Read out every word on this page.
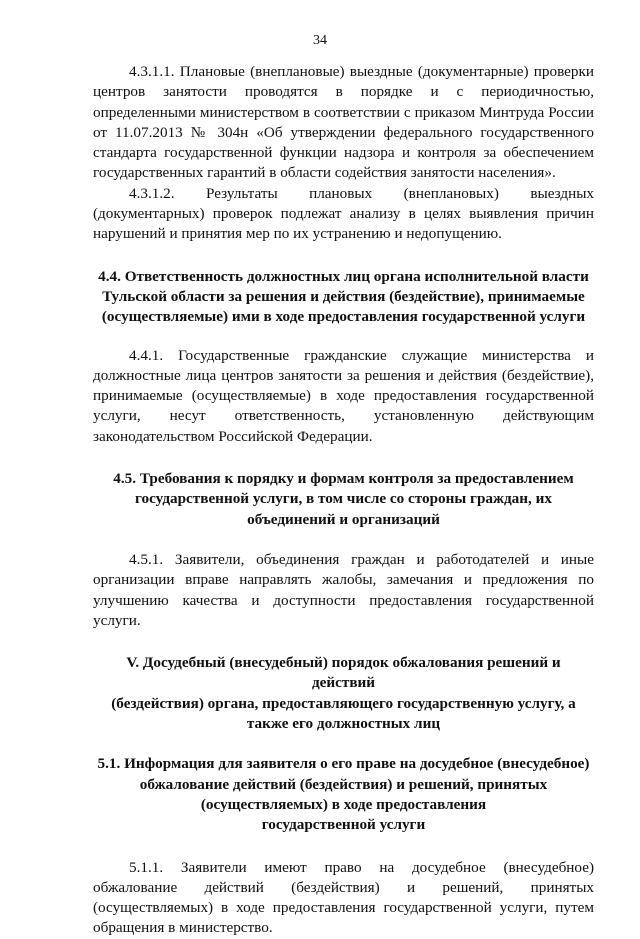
34

4.3.1.1. Плановые (внеплановые) выездные (документарные) проверки центров занятости проводятся в порядке и с периодичностью, определенными министерством в соответствии с приказом Минтруда России от 11.07.2013 № 304н «Об утверждении федерального государственного стандарта государственной функции надзора и контроля за обеспечением государственных гарантий в области содействия занятости населения».

4.3.1.2. Результаты плановых (внеплановых) выездных (документарных) проверок подлежат анализу в целях выявления причин нарушений и принятия мер по их устранению и недопущению.

4.4. Ответственность должностных лиц органа исполнительной власти
Тульской области за решения и действия (бездействие), принимаемые
(осуществляемые) ими в ходе предоставления государственной услуги

4.4.1. Государственные гражданские служащие министерства и должностные лица центров занятости за решения и действия (бездействие), принимаемые (осуществляемые) в ходе предоставления государственной услуги, несут ответственность, установленную действующим законодательством Российской Федерации.

4.5. Требования к порядку и формам контроля за предоставлением
государственной услуги, в том числе со стороны граждан, их
объединений и организаций

4.5.1. Заявители, объединения граждан и работодателей и иные организации вправе направлять жалобы, замечания и предложения по улучшению качества и доступности предоставления государственной услуги.

V. Досудебный (внесудебный) порядок обжалования решений и действий
(бездействия) органа, предоставляющего государственную услугу, а
также его должностных лиц
5.1. Информация для заявителя о его праве на досудебное (внесудебное)
обжалование действий (бездействия) и решений, принятых
(осуществляемых) в ходе предоставления
государственной услуги

5.1.1. Заявители имеют право на досудебное (внесудебное) обжалование действий (бездействия) и решений, принятых (осуществляемых) в ходе предоставления государственной услуги, путем обращения в министерство.
